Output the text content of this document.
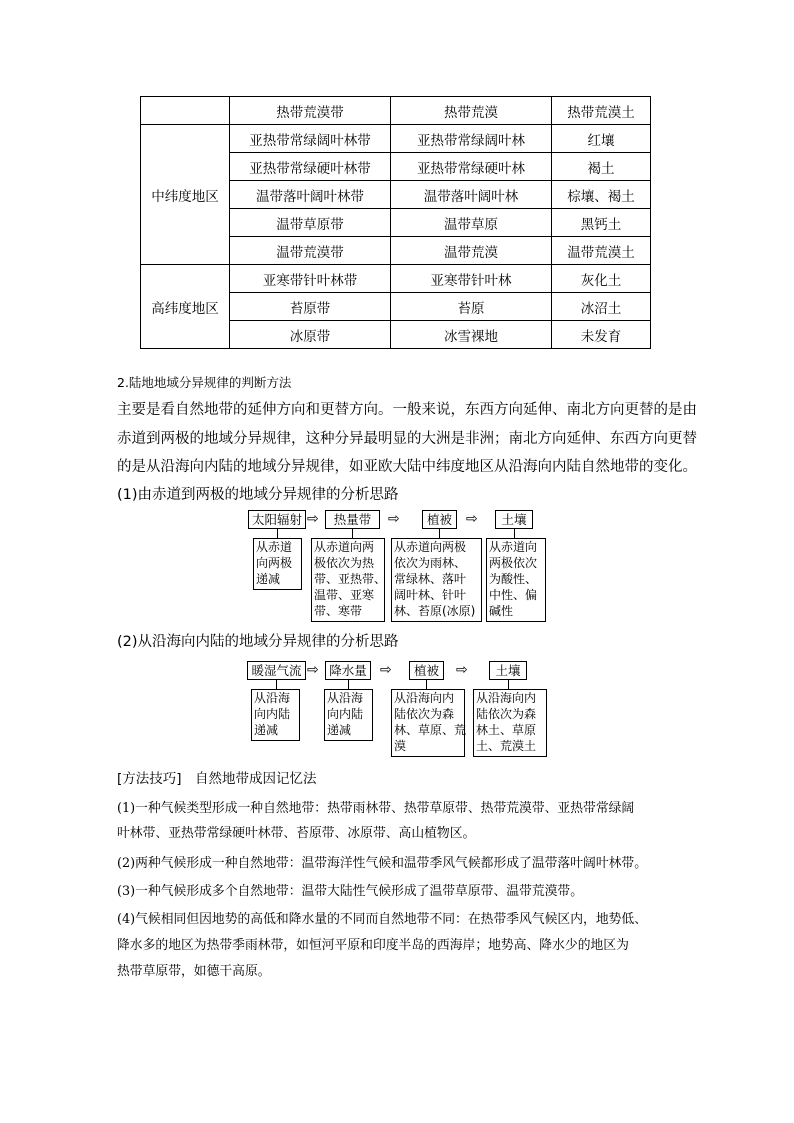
	热带荒漠带	热带荒漠	热带荒漠土
中纬度地区	亚热带常绿阔叶林带	亚热带常绿阔叶林	红壤
	亚热带常绿硬叶林带	亚热带常绿硬叶林	褐土
	温带落叶阔叶林带	温带落叶阔叶林	棕壤、褐土
	温带草原带	温带草原	黑钙土
	温带荒漠带	温带荒漠	温带荒漠土
高纬度地区	亚寒带针叶林带	亚寒带针叶林	灰化土
	苔原带	苔原	冰沼土
	冰原带	冰雪裸地	未发育
2.陆地地域分异规律的判断方法
主要是看自然地带的延伸方向和更替方向。一般来说，东西方向延伸、南北方向更替的是由
赤道到两极的地域分异规律，这种分异最明显的大洲是非洲；南北方向延伸、东西方向更替
的是从沿海向内陆的地域分异规律，如亚欧大陆中纬度地区从沿海向内陆自然地带的变化。
(1)由赤道到两极的地域分异规律的分析思路
太阳辐射 ⇨	热量带	⇨	植被	⇨	土壤
从赤道
向两极
递减
从赤道向两
极依次为热
带、亚热带、
温带、亚寒
带、寒带
从赤道向两极
依次为雨林、
常绿林、落叶
阔叶林、针叶
林、苔原(冰原)
从赤道向
两极依次
为酸性、
中性、偏
碱性
(2)从沿海向内陆的地域分异规律的分析思路
暖湿气流 ⇨ 降水量 ⇨	植被	⇨	土壤
从沿海
向内陆
递减
从沿海
向内陆
递减
从沿海向内
陆依次为森
林、草原、荒
漠
从沿海向内
陆依次为森
林土、草原
土、荒漠土
[方法技巧]　自然地带成因记忆法
(1)一种气候类型形成一种自然地带：热带雨林带、热带草原带、热带荒漠带、亚热带常绿阔
叶林带、亚热带常绿硬叶林带、苔原带、冰原带、高山植物区。
(2)两种气候形成一种自然地带：温带海洋性气候和温带季风气候都形成了温带落叶阔叶林带。
(3)一种气候形成多个自然地带：温带大陆性气候形成了温带草原带、温带荒漠带。
(4)气候相同但因地势的高低和降水量的不同而自然地带不同：在热带季风气候区内，地势低、
降水多的地区为热带季雨林带，如恒河平原和印度半岛的西海岸；地势高、降水少的地区为
热带草原带，如德干高原。
